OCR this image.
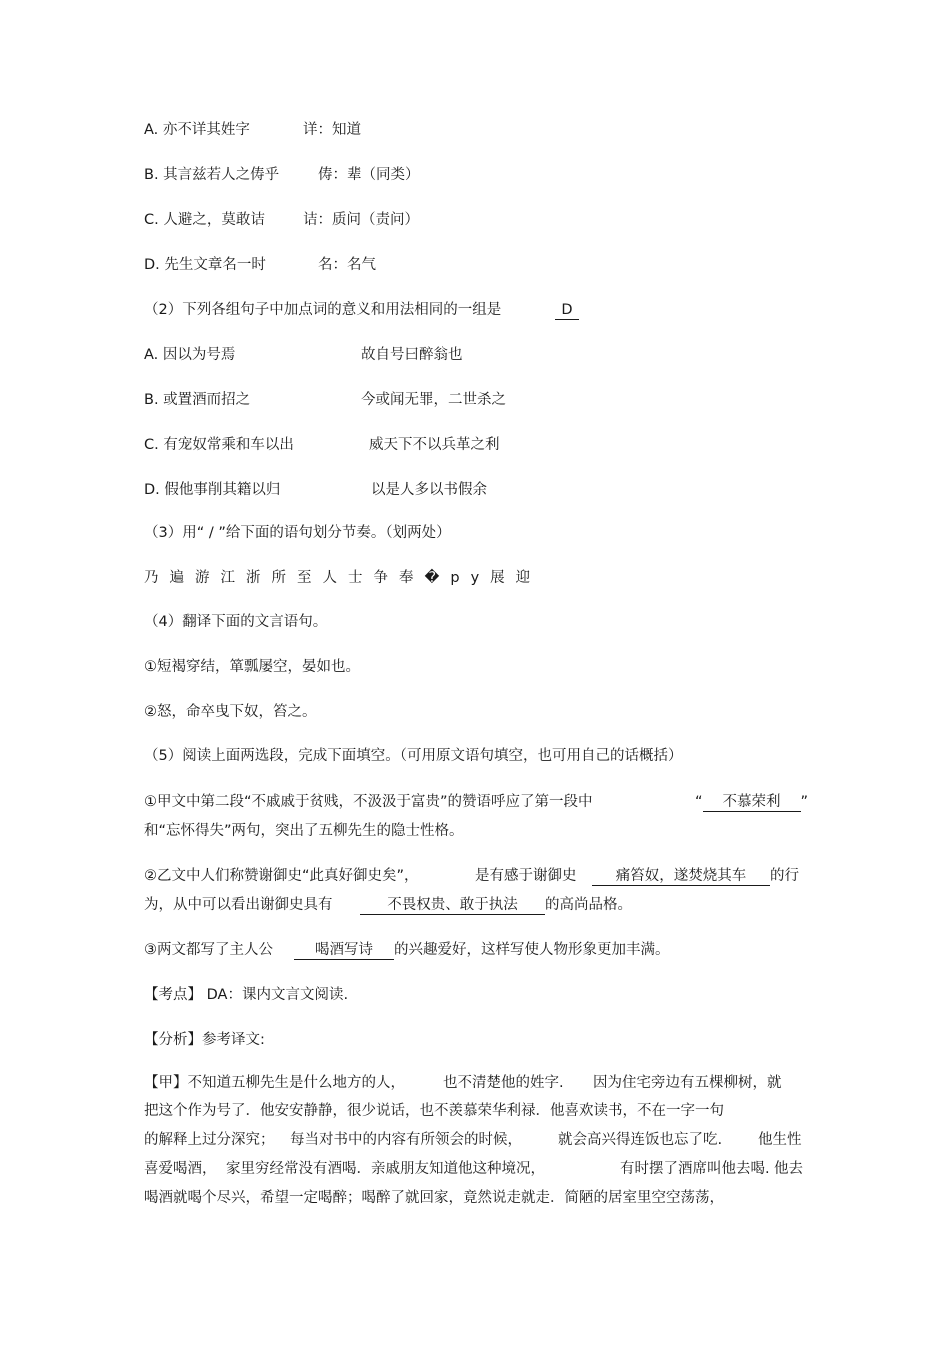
A. 亦不详其姓字	详：知道
B. 其言兹若人之俦乎	俦：辈（同类）
C. 人避之，莫敢诘	诘：质问（责问）
D. 先生文章名一时	名：名气
（2）下列各组句子中加点词的意义和用法相同的一组是	D
A. 因以为号焉	故自号曰醉翁也
B. 或置酒而招之	今或闻无罪，二世杀之
C. 有宠奴常乘和车以出	威天下不以兵革之利
D. 假他事削其籍以归	以是人多以书假余
（3）用“ / ”给下面的语句划分节奏。（划两处）
乃遍游江浙所至人士争奉�py展迎
（4）翻译下面的文言语句。
①短褐穿结，箪瓢屡空，晏如也。
②怒，命卒曳下奴，笞之。
（5）阅读上面两选段，完成下面填空。（可用原文语句填空，也可用自己的话概括）
①甲文中第二段“不戚戚于贫贱，不汲汲于富贵”的赞语呼应了第一段中	“ 不慕荣利 ”
和“忘怀得失”两句，突出了五柳先生的隐士性格。
②乙文中人们称赞谢御史“此真好御史矣”，	是有感于谢御史	痛笞奴，遂焚烧其车 的行
为，从中可以看出谢御史具有	不畏权贵、敢于执法 的高尚品格。
③两文都写了主人公	喝酒写诗 的兴趣爱好，这样写使人物形象更加丰满。
【考点】 DA：课内文言文阅读.
【分析】参考译文:
【甲】不知道五柳先生是什么地方的人，	也不清楚他的姓字. 因为住宅旁边有五棵柳树，就
把这个作为号了．他安安静静，很少说话，也不羡慕荣华利禄．他喜欢读书，不在一字一句
的解释上过分深究； 每当对书中的内容有所领会的时候， 就会高兴得连饭也忘了吃. 他生性
喜爱喝酒， 家里穷经常没有酒喝．亲戚朋友知道他这种境况，	有时摆了酒席叫他去喝. 他去
喝酒就喝个尽兴，希望一定喝醉；喝醉了就回家，竟然说走就走．简陋的居室里空空荡荡，
